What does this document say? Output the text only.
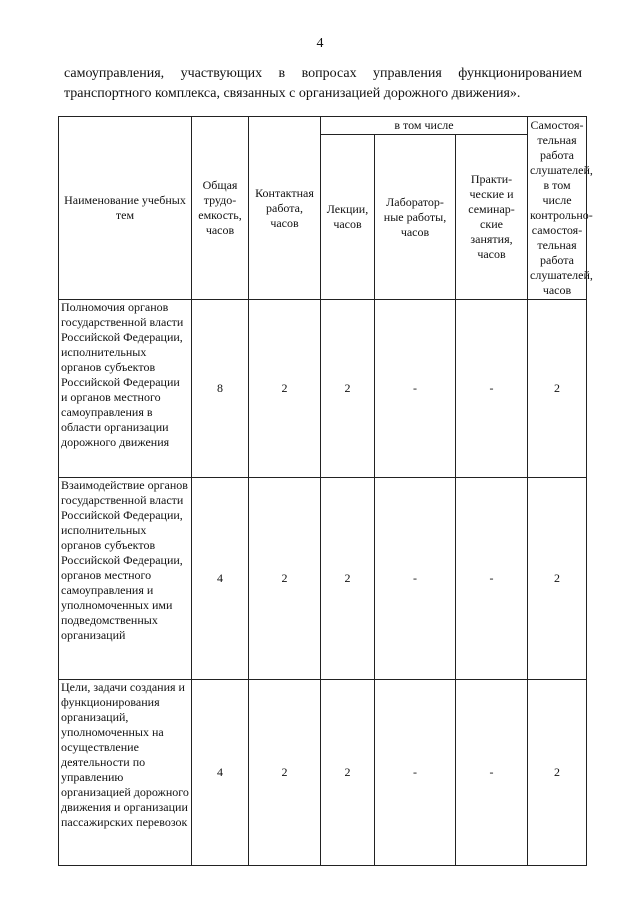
4
самоуправления, участвующих в вопросах управления функционированием
транспортного комплекса, связанных с организацией дорожного движения».
Наименование учебных тем	Общая трудо-емкость, часов	Контактная работа, часов	в том числе			Самостоя-тельная работа слушателей, в том числе контрольно-самостоя-тельная работа слушателей, часов
			Лекции, часов	Лаборатор-ные работы, часов	Практи-ческие и семинар-ские занятия, часов	
Полномочия органов государственной власти Российской Федерации, исполнительных органов субъектов Российской Федерации и органов местного самоуправления в области организации дорожного движения	8	2	2	-	-	2
Взаимодействие органов государственной власти Российской Федерации, исполнительных органов субъектов Российской Федерации, органов местного самоуправления и уполномоченных ими подведомственных организаций	4	2	2	-	-	2
Цели, задачи создания и функционирования организаций, уполномоченных на осуществление деятельности по управлению организацией дорожного движения и организации пассажирских перевозок	4	2	2	-	-	2
